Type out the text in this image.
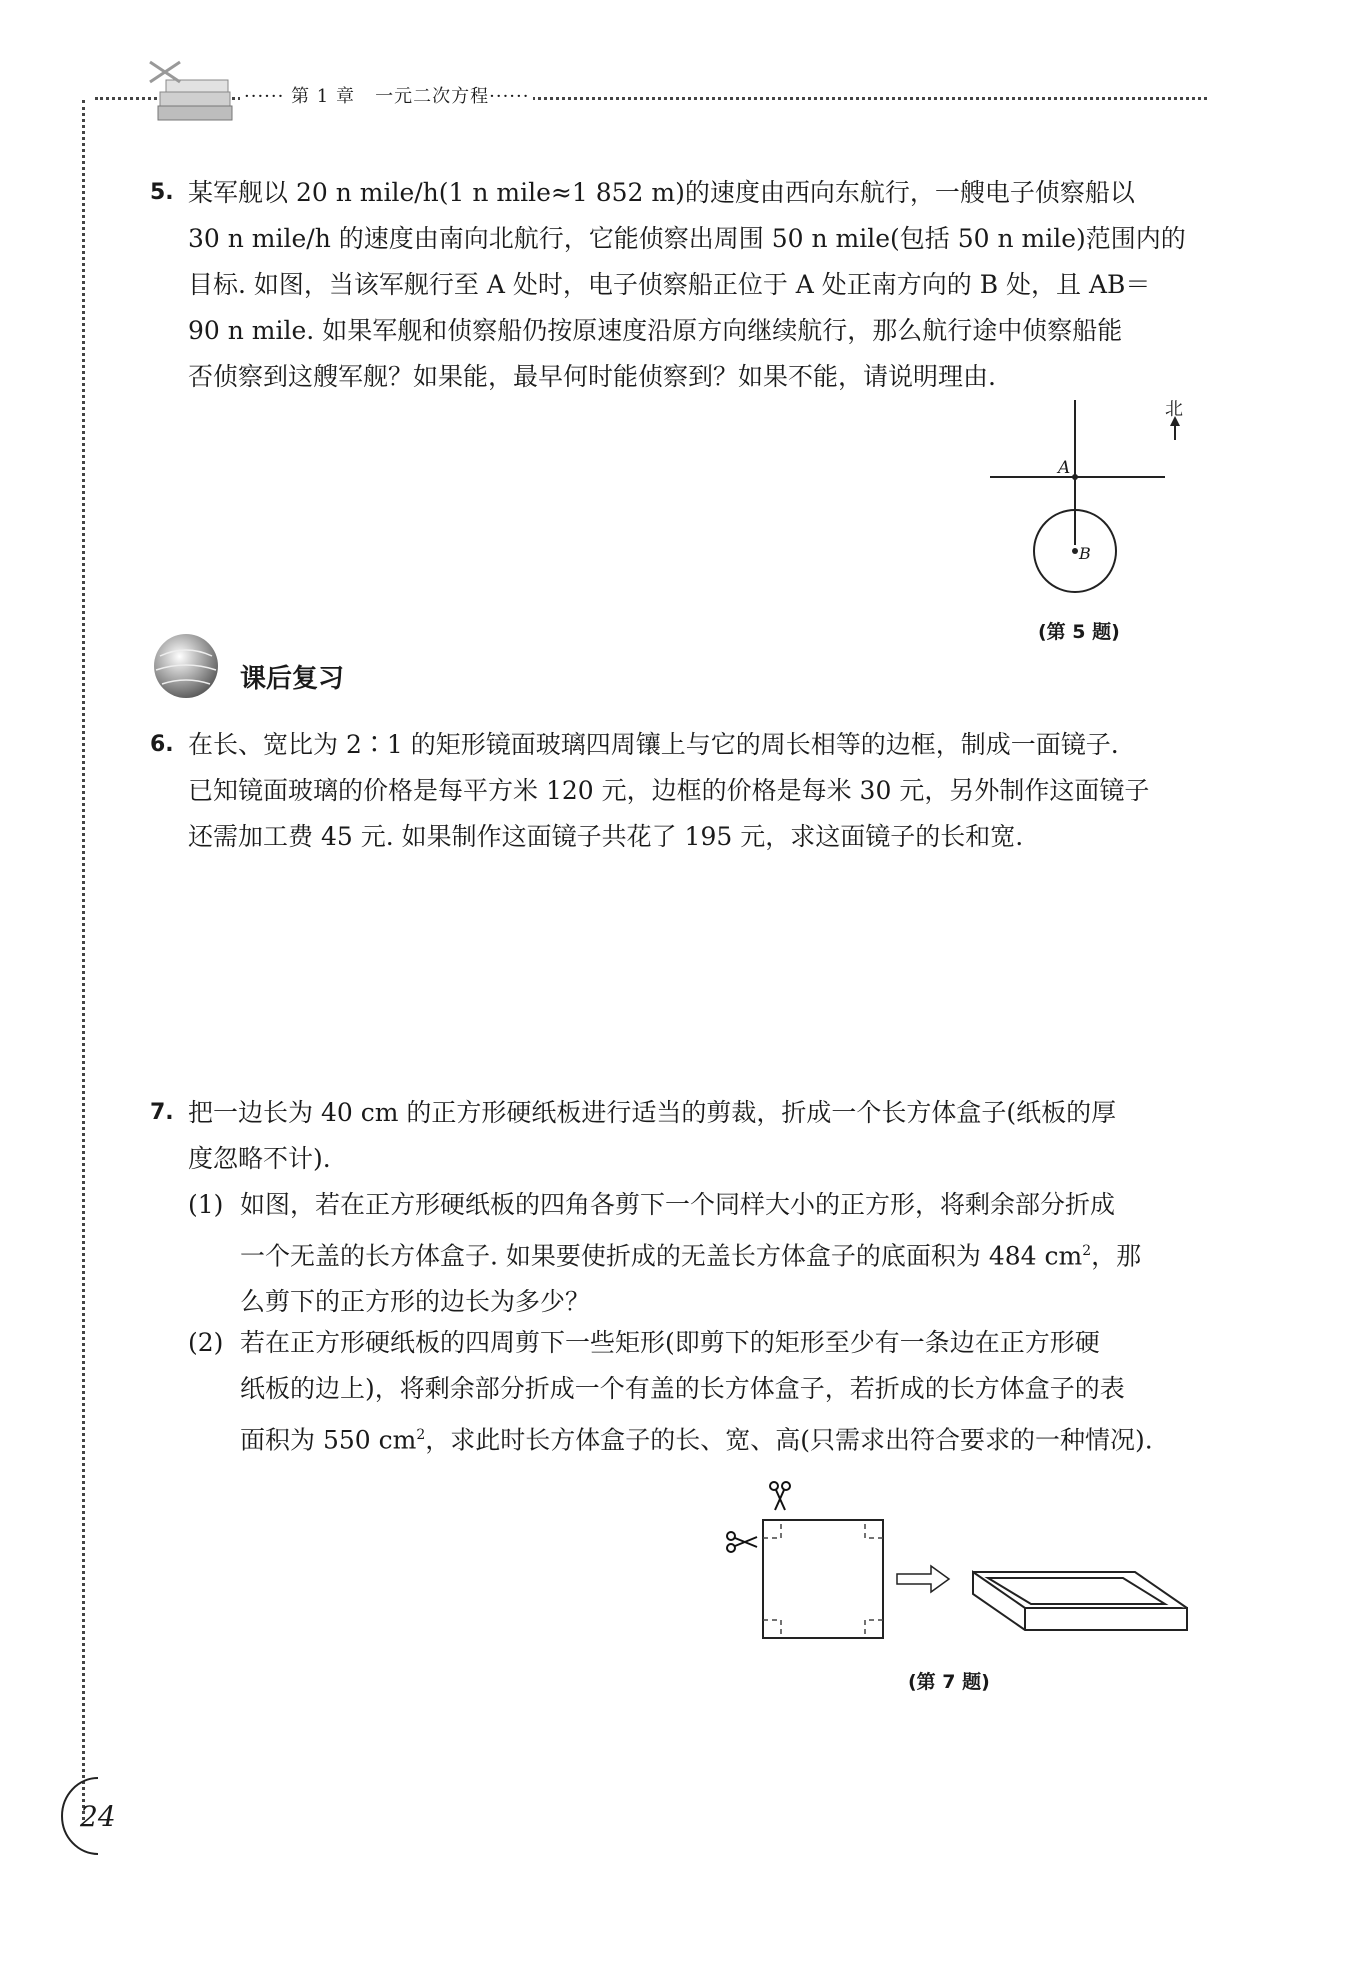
······ 第 1 章 一元二次方程······
5. 某军舰以 20 n mile/h(1 n mile≈1 852 m)的速度由西向东航行，一艘电子侦察船以
30 n mile/h 的速度由南向北航行，它能侦察出周围 50 n mile(包括 50 n mile)范围内的
目标. 如图，当该军舰行至 A 处时，电子侦察船正位于 A 处正南方向的 B 处，且 AB＝
90 n mile. 如果军舰和侦察船仍按原速度沿原方向继续航行，那么航行途中侦察船能
否侦察到这艘军舰？如果能，最早何时能侦察到？如果不能，请说明理由.
北
A
B
(第 5 题)
课后复习
6. 在长、宽比为 2∶1 的矩形镜面玻璃四周镶上与它的周长相等的边框，制成一面镜子.
已知镜面玻璃的价格是每平方米 120 元，边框的价格是每米 30 元，另外制作这面镜子
还需加工费 45 元. 如果制作这面镜子共花了 195 元，求这面镜子的长和宽.
7. 把一边长为 40 cm 的正方形硬纸板进行适当的剪裁，折成一个长方体盒子(纸板的厚
度忽略不计).
(1) 如图，若在正方形硬纸板的四角各剪下一个同样大小的正方形，将剩余部分折成
一个无盖的长方体盒子. 如果要使折成的无盖长方体盒子的底面积为 484 $cm^2$，那
么剪下的正方形的边长为多少？
(2) 若在正方形硬纸板的四周剪下一些矩形(即剪下的矩形至少有一条边在正方形硬
纸板的边上)，将剩余部分折成一个有盖的长方体盒子，若折成的长方体盒子的表
面积为 550 $cm^2$，求此时长方体盒子的长、宽、高(只需求出符合要求的一种情况).
(第 7 题)
24
